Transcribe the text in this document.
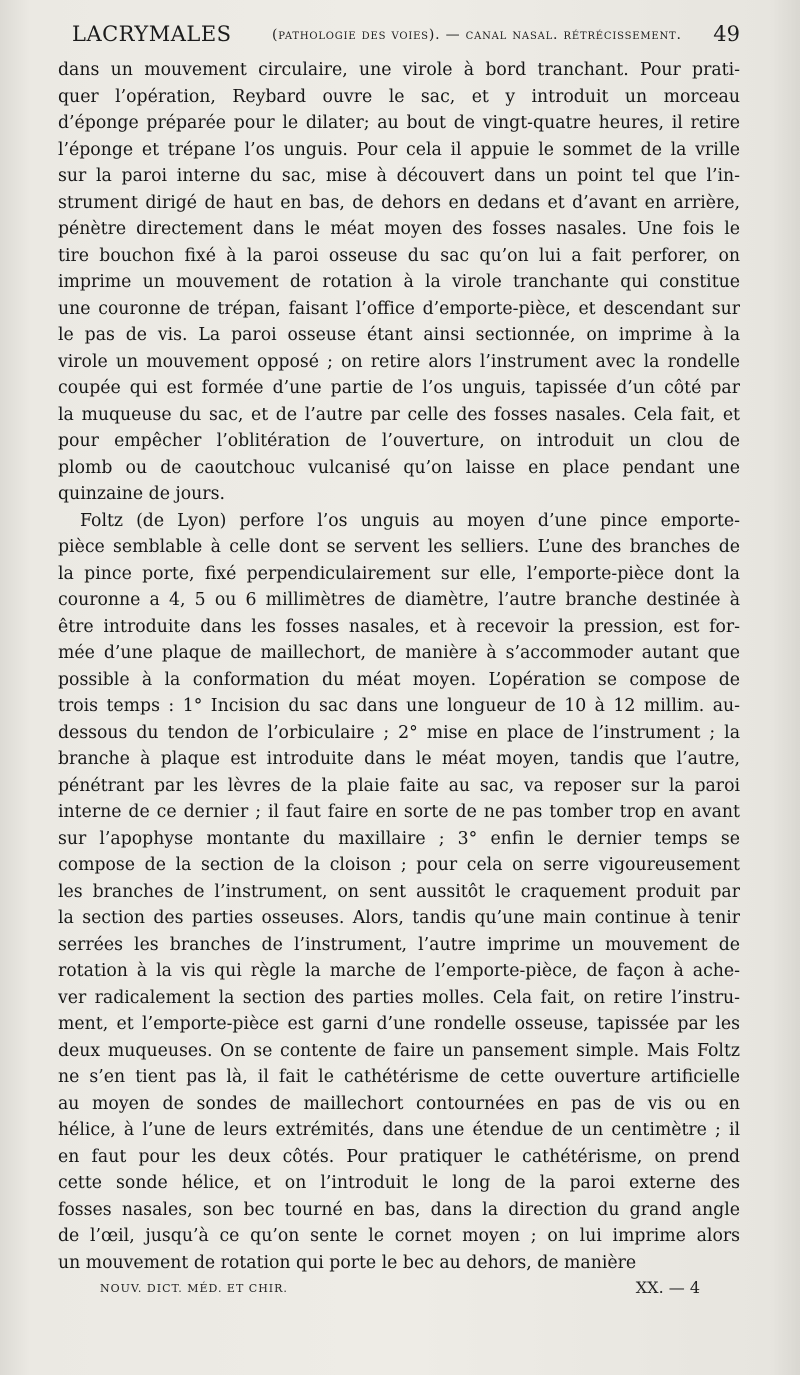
LACRYMALES	(pathologie des voies). — canal nasal. rétrécissement. 49

dans un mouvement circulaire, une virole à bord tranchant. Pour prati-
quer l’opération, Reybard ouvre le sac, et y introduit un morceau
d’éponge préparée pour le dilater; au bout de vingt-quatre heures, il retire
l’éponge et trépane l’os unguis. Pour cela il appuie le sommet de la vrille
sur la paroi interne du sac, mise à découvert dans un point tel que l’in-
strument dirigé de haut en bas, de dehors en dedans et d’avant en arrière,
pénètre directement dans le méat moyen des fosses nasales. Une fois le
tire bouchon fixé à la paroi osseuse du sac qu’on lui a fait perforer, on
imprime un mouvement de rotation à la virole tranchante qui constitue
une couronne de trépan, faisant l’office d’emporte-pièce, et descendant sur
le pas de vis. La paroi osseuse étant ainsi sectionnée, on imprime à la
virole un mouvement opposé ; on retire alors l’instrument avec la rondelle
coupée qui est formée d’une partie de l’os unguis, tapissée d’un côté par
la muqueuse du sac, et de l’autre par celle des fosses nasales. Cela fait, et
pour empêcher l’oblitération de l’ouverture, on introduit un clou de
plomb ou de caoutchouc vulcanisé qu’on laisse en place pendant une
quinzaine de jours.

Foltz (de Lyon) perfore l’os unguis au moyen d’une pince emporte-
pièce semblable à celle dont se servent les selliers. L’une des branches de
la pince porte, fixé perpendiculairement sur elle, l’emporte-pièce dont la
couronne a 4, 5 ou 6 millimètres de diamètre, l’autre branche destinée à
être introduite dans les fosses nasales, et à recevoir la pression, est for-
mée d’une plaque de maillechort, de manière à s’accommoder autant que
possible à la conformation du méat moyen. L’opération se compose de
trois temps : 1° Incision du sac dans une longueur de 10 à 12 millim. au-
dessous du tendon de l’orbiculaire ; 2° mise en place de l’instrument ; la
branche à plaque est introduite dans le méat moyen, tandis que l’autre,
pénétrant par les lèvres de la plaie faite au sac, va reposer sur la paroi
interne de ce dernier ; il faut faire en sorte de ne pas tomber trop en avant
sur l’apophyse montante du maxillaire ; 3° enfin le dernier temps se
compose de la section de la cloison ; pour cela on serre vigoureusement
les branches de l’instrument, on sent aussitôt le craquement produit par
la section des parties osseuses. Alors, tandis qu’une main continue à tenir
serrées les branches de l’instrument, l’autre imprime un mouvement de
rotation à la vis qui règle la marche de l’emporte-pièce, de façon à ache-
ver radicalement la section des parties molles. Cela fait, on retire l’instru-
ment, et l’emporte-pièce est garni d’une rondelle osseuse, tapissée par les
deux muqueuses. On se contente de faire un pansement simple. Mais Foltz
ne s’en tient pas là, il fait le cathétérisme de cette ouverture artificielle
au moyen de sondes de maillechort contournées en pas de vis ou en
hélice, à l’une de leurs extrémités, dans une étendue de un centimètre ; il
en faut pour les deux côtés. Pour pratiquer le cathétérisme, on prend
cette sonde hélice, et on l’introduit le long de la paroi externe des
fosses nasales, son bec tourné en bas, dans la direction du grand angle
de l’œil, jusqu’à ce qu’on sente le cornet moyen ; on lui imprime alors
un mouvement de rotation qui porte le bec au dehors, de manière

NOUV. DICT. MÉD. ET CHIR.	XX. — 4
